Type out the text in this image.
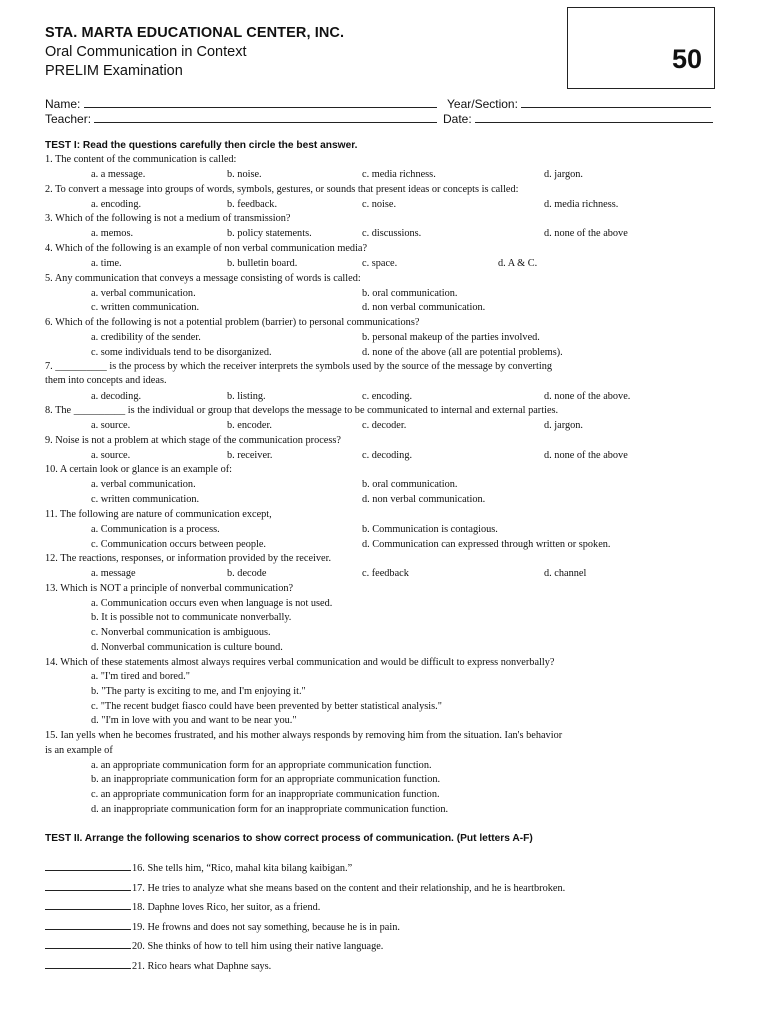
STA. MARTA EDUCATIONAL CENTER, INC.
Oral Communication in Context
PRELIM Examination	50
Name:	Year/Section:
Teacher:	Date:
TEST I: Read the questions carefully then circle the best answer.
1. The content of the communication is called:
a. a message.	b. noise.	c. media richness.	d. jargon.
2. To convert a message into groups of words, symbols, gestures, or sounds that present ideas or concepts is called:
a. encoding.	b. feedback.	c. noise.	d. media richness.
3. Which of the following is not a medium of transmission?
a. memos.	b. policy statements.	c. discussions.	d. none of the above
4. Which of the following is an example of non verbal communication media?
a. time.	b. bulletin board.	c. space.	d. A & C.
5. Any communication that conveys a message consisting of words is called:
a. verbal communication.	b. oral communication.
c. written communication.	d. non verbal communication.
6. Which of the following is not a potential problem (barrier) to personal communications?
a. credibility of the sender.	b. personal makeup of the parties involved.
c. some individuals tend to be disorganized.	d. none of the above (all are potential problems).
7. __________ is the process by which the receiver interprets the symbols used by the source of the message by converting
them into concepts and ideas.
a. decoding.	b. listing.	c. encoding.	d. none of the above.
8. The __________ is the individual or group that develops the message to be communicated to internal and external parties.
a. source.	b. encoder.	c. decoder.	d. jargon.
9. Noise is not a problem at which stage of the communication process?
a. source.	b. receiver.	c. decoding.	d. none of the above
10. A certain look or glance is an example of:
a. verbal communication.	b. oral communication.
c. written communication.	d. non verbal communication.
11. The following are nature of communication except,
a. Communication is a process.	b. Communication is contagious.
c. Communication occurs between people.	d. Communication can expressed through written or spoken.
12. The reactions, responses, or information provided by the receiver.
a. message	b. decode	c. feedback	d. channel
13. Which is NOT a principle of nonverbal communication?
a. Communication occurs even when language is not used.
b. It is possible not to communicate nonverbally.
c. Nonverbal communication is ambiguous.
d. Nonverbal communication is culture bound.
14. Which of these statements almost always requires verbal communication and would be difficult to express nonverbally?
a. "I'm tired and bored."
b. "The party is exciting to me, and I'm enjoying it."
c. "The recent budget fiasco could have been prevented by better statistical analysis."
d. "I'm in love with you and want to be near you."
15. Ian yells when he becomes frustrated, and his mother always responds by removing him from the situation. Ian's behavior
is an example of
a. an appropriate communication form for an appropriate communication function.
b. an inappropriate communication form for an appropriate communication function.
c. an appropriate communication form for an inappropriate communication function.
d. an inappropriate communication form for an inappropriate communication function.
TEST II. Arrange the following scenarios to show correct process of communication. (Put letters A-F)
16. She tells him, “Rico, mahal kita bilang kaibigan.”
17. He tries to analyze what she means based on the content and their relationship, and he is heartbroken.
18. Daphne loves Rico, her suitor, as a friend.
19. He frowns and does not say something, because he is in pain.
20. She thinks of how to tell him using their native language.
21. Rico hears what Daphne says.
